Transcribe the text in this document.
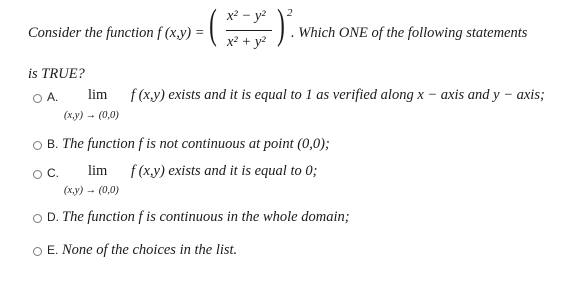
Consider the function f (x,y) = ( x² − y²
x² + y² ) 2
. Which ONE of the following statements
is TRUE?
A. lim
(x,y) → (0,0)
f (x,y) exists and it is equal to 1 as verified along x − axis and y − axis;
B. The function f is not continuous at point (0,0);
C. lim
(x,y) → (0,0)
f (x,y) exists and it is equal to 0;
D. The function f is continuous in the whole domain;
E. None of the choices in the list.
